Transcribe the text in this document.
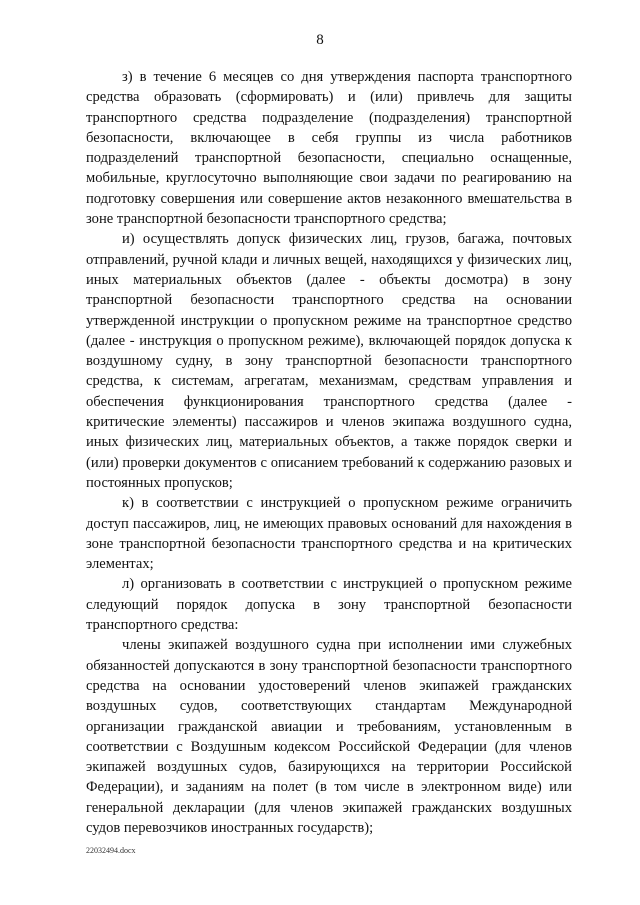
8

з) в течение 6 месяцев со дня утверждения паспорта транспортного средства образовать (сформировать) и (или) привлечь для защиты транспортного средства подразделение (подразделения) транспортной безопасности, включающее в себя группы из числа работников подразделений транспортной безопасности, специально оснащенные, мобильные, круглосуточно выполняющие свои задачи по реагированию на подготовку совершения или совершение актов незаконного вмешательства в зоне транспортной безопасности транспортного средства;

и) осуществлять допуск физических лиц, грузов, багажа, почтовых отправлений, ручной клади и личных вещей, находящихся у физических лиц, иных материальных объектов (далее - объекты досмотра) в зону транспортной безопасности транспортного средства на основании утвержденной инструкции о пропускном режиме на транспортное средство (далее - инструкция о пропускном режиме), включающей порядок допуска к воздушному судну, в зону транспортной безопасности транспортного средства, к системам, агрегатам, механизмам, средствам управления и обеспечения функционирования транспортного средства (далее - критические элементы) пассажиров и членов экипажа воздушного судна, иных физических лиц, материальных объектов, а также порядок сверки и (или) проверки документов с описанием требований к содержанию разовых и постоянных пропусков;

к) в соответствии с инструкцией о пропускном режиме ограничить доступ пассажиров, лиц, не имеющих правовых оснований для нахождения в зоне транспортной безопасности транспортного средства и на критических элементах;

л) организовать в соответствии с инструкцией о пропускном режиме следующий порядок допуска в зону транспортной безопасности транспортного средства:

члены экипажей воздушного судна при исполнении ими служебных обязанностей допускаются в зону транспортной безопасности транспортного средства на основании удостоверений членов экипажей гражданских воздушных судов, соответствующих стандартам Международной организации гражданской авиации и требованиям, установленным в соответствии с Воздушным кодексом Российской Федерации (для членов экипажей воздушных судов, базирующихся на территории Российской Федерации), и заданиям на полет (в том числе в электронном виде) или генеральной декларации (для членов экипажей гражданских воздушных судов перевозчиков иностранных государств);

22032494.docx
